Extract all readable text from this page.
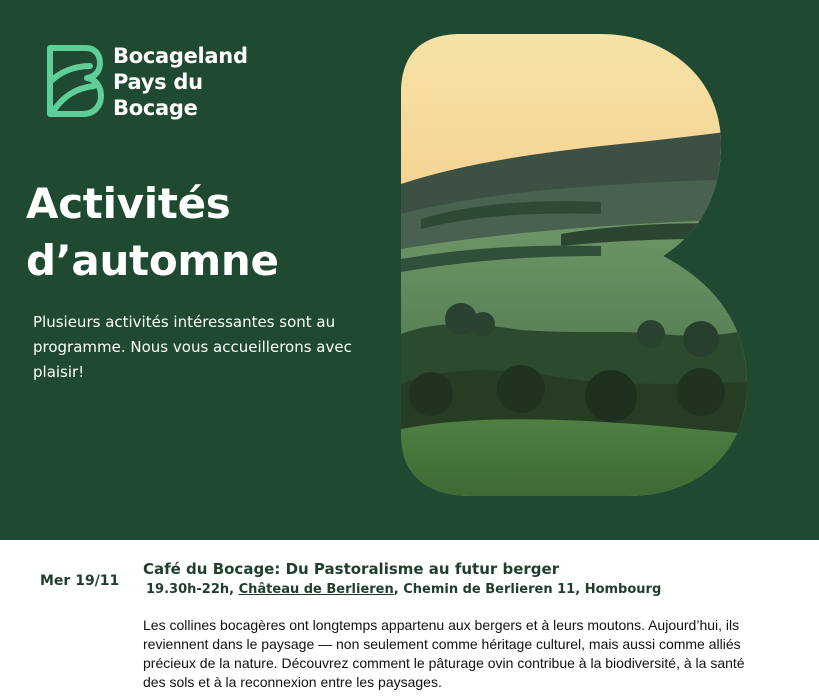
Bocageland
Pays du
Bocage
Activités
d’automne

Plusieurs activités intéressantes sont au programme. Nous vous accueillerons avec plaisir!

Mer 19/11
Café du Bocage: Du Pastoralisme au futur berger
19.30h-22h, Château de Berlieren, Chemin de Berlieren 11, Hombourg

Les collines bocagères ont longtemps appartenu aux bergers et à leurs moutons. Aujourd’hui, ils reviennent dans le paysage — non seulement comme héritage culturel, mais aussi comme alliés précieux de la nature. Découvrez comment le pâturage ovin contribue à la biodiversité, à la santé des sols et à la reconnexion entre les paysages.
